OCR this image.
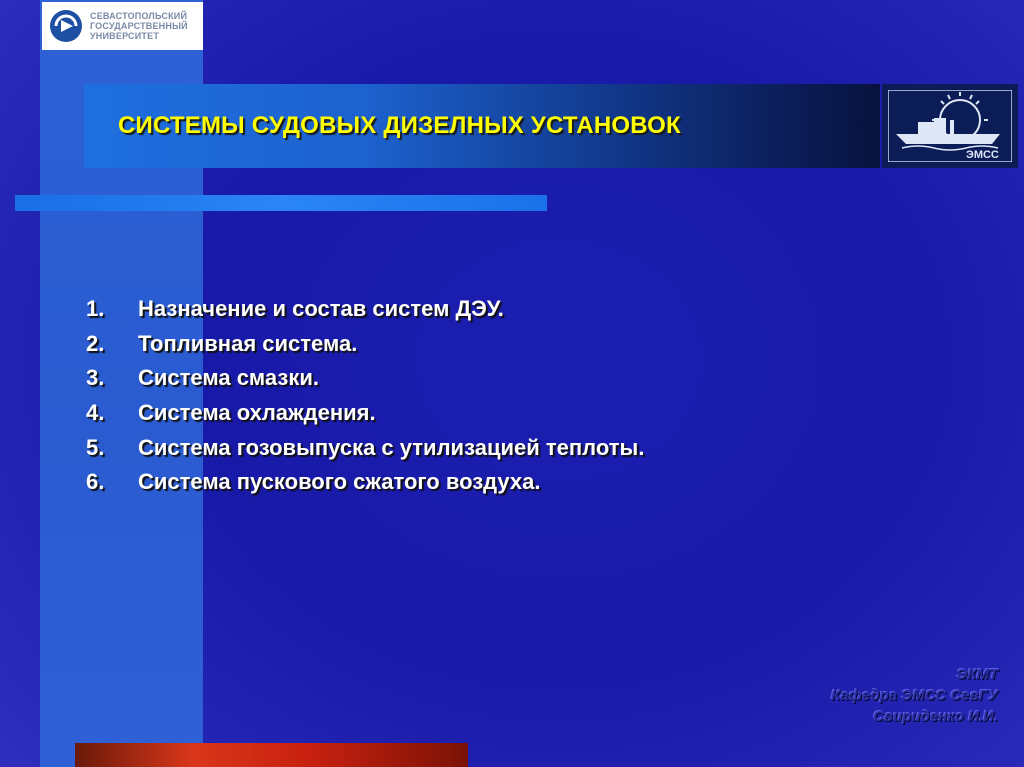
СЕВАСТОПОЛЬСКИЙ
ГОСУДАРСТВЕННЫЙ
УНИВЕРСИТЕТ
СИСТЕМЫ СУДОВЫХ ДИЗЕЛНЫХ УСТАНОВОК
ЭМСС
1.	Назначение и состав систем ДЭУ.
2.	Топливная система.
3.	Система смазки.
4.	Система охлаждения.
5.	Система гозовыпуска с утилизацией теплоты.
6.	Система пускового сжатого воздуха.
ЭКМТ
Кафедра ЭМСС СевГУ
Свириденко И.И.
